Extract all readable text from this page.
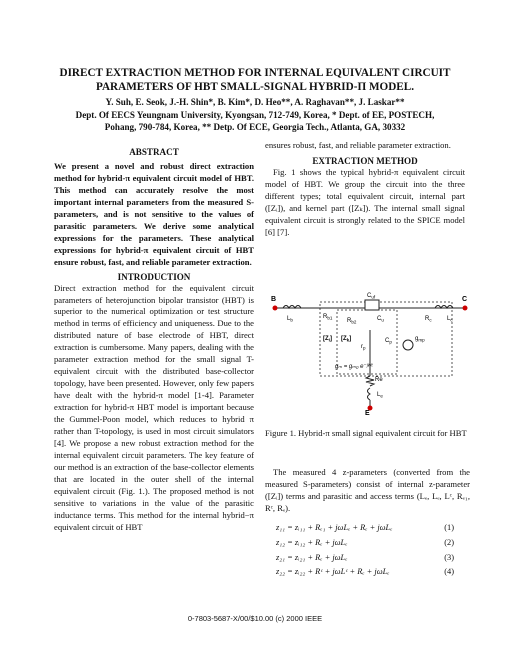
DIRECT EXTRACTION METHOD FOR INTERNAL EQUIVALENT CIRCUIT PARAMETERS OF HBT SMALL-SIGNAL HYBRID-Π MODEL.
Y. Suh, E. Seok, J.-H. Shin*, B. Kim*, D. Heo**, A. Raghavan**, J. Laskar**
Dept. Of EECS Yeungnam University, Kyongsan, 712-749, Korea, * Dept. of EE, POSTECH,
Pohang, 790-784, Korea, ** Detp. Of ECE, Georgia Tech., Atlanta, GA, 30332
ABSTRACT

We present a novel and robust direct extraction method for hybrid-π equivalent circuit model of HBT. This method can accurately resolve the most important internal parameters from the measured S-parameters, and is not sensitive to the values of parasitic parameters. We derive some analytical expressions for the parameters. These analytical expressions for hybrid-π equivalent circuit of HBT ensure robust, fast, and reliable parameter extraction.

INTRODUCTION

Direct extraction method for the equivalent circuit parameters of heterojunction bipolar transistor (HBT) is superior to the numerical optimization or test structure method in terms of efficiency and uniqueness. Due to the distributed nature of base electrode of HBT, direct extraction is cumbersome. Many papers, dealing with the parameter extraction method for the small signal T-equivalent circuit with the distributed base-collector topology, have been presented. However, only few papers have dealt with the hybrid-π model [1-4]. Parameter extraction for hybrid-π HBT model is important because the Gummel-Poon model, which reduces to hybrid π rather than T-topology, is used in most circuit simulators [4]. We propose a new robust extraction method for the internal equivalent circuit parameters. The key feature of our method is an extraction of the base-collector elements that are located in the outer shell of the internal equivalent circuit (Fig. 1.). The proposed method is not sensitive to variations in the value of the parasitic inductance terms. This method for the internal hybrid−π equivalent circuit of HBT

ensures robust, fast, and reliable parameter extraction.

EXTRACTION METHOD

Fig. 1 shows the typical hybrid-π equivalent circuit model of HBT. We group the circuit into the three different types; total equivalent circuit, internal part ([Zᵢ]), and kernel part ([Zₖ]). The internal small signal equivalent circuit is strongly related to the SPICE model [6] [7].

B	C
E
$L_b$	$R_{b1}$ $R_{b2}$	$C_u$
$C_{uf}$
$R_c$	$L_c$
$[Z_i]$ $[Z_k]$
$r_p$
$C_p$	$g_{mp}$
gₘ = gₘ₀ e⁻ʲᵂᵗ
Re
$L_e$
Figure 1. Hybrid-π small signal equivalent circuit for HBT

The measured 4 z-parameters (converted from the measured S-parameters) consist of internal z-parameter ([Zᵢ]) terms and parasitic and access terms (Lₑ, Lₑ, Lᶜ, Rₑ₁, Rᶜ, Rₑ).

z₁₁ = zᵢ₁₁ + Rₑ₁ + jωLₑ + Rₑ + jωLₑ	(1)
z₁₂ = zᵢ₁₂ + Rₑ + jωLₑ	(2)
z₂₁ = zᵢ₂₁ + Rₑ + jωLₑ	(3)
z₂₂ = zᵢ₂₂ + Rᶜ + jωLᶜ + Rₑ + jωLₑ	(4)
0-7803-5687-X/00/$10.00 (c) 2000 IEEE
